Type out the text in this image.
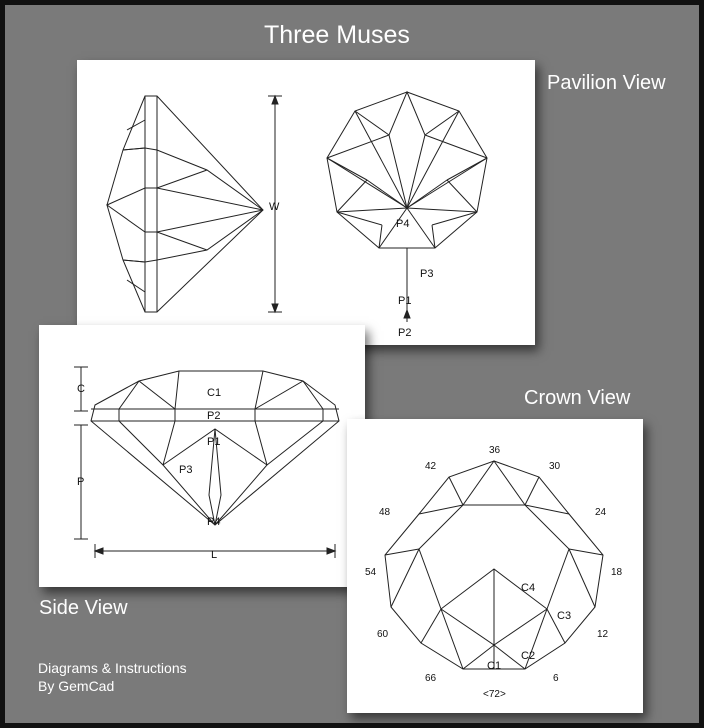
Three Muses
Pavilion View
Crown View
Side View
Diagrams & Instructions
By GemCad
W
P4
P3
P1
P2
C
P
L
C1
P2
P1
P3
P4
36
30
24
18
12
6
<72>
66
60
54
48
42
C4
C3
C2
C1
